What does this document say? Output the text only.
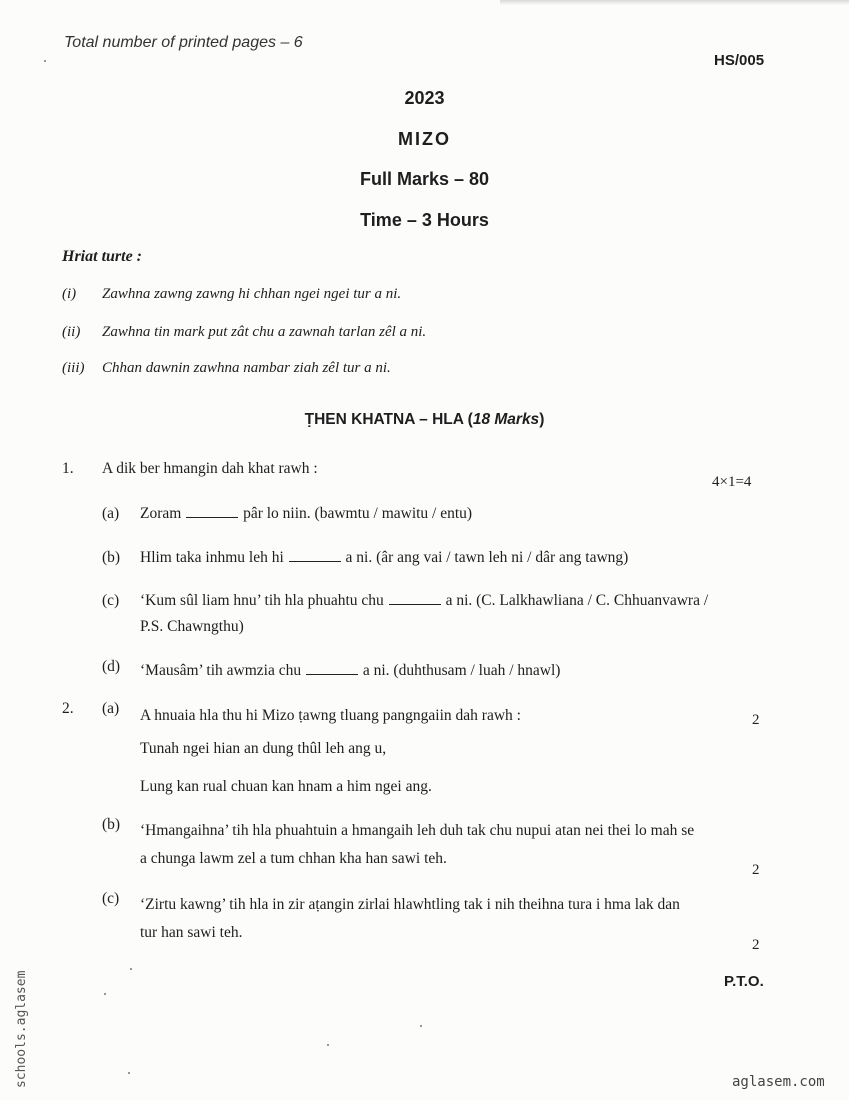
Total number of printed pages – 6
HS/005
2023
MIZO
Full Marks – 80
Time – 3 Hours
Hriat turte :
(i) Zawhna zawng zawng hi chhan ngei ngei tur a ni.
(ii) Zawhna tin mark put zât chu a zawnah tarlan zêl a ni.
(iii) Chhan dawnin zawhna nambar ziah zêl tur a ni.
ṬHEN KHATNA – HLA (18 Marks)
1. A dik ber hmangin dah khat rawh :
4×1=4
(a) Zoram	pâr lo niin. (bawmtu / mawitu / entu)
(b) Hlim taka inhmu leh hi	a ni. (âr ang vai / tawn leh ni / dâr ang tawng)
(c) ‘Kum sûl liam hnu’ tih hla phuahtu chu	a ni. (C. Lalkhawliana / C. Chhuanvawra /
P.S. Chawngthu)
(d) ‘Mausâm’ tih awmzia chu	a ni. (duhthusam / luah / hnawl)
2. (a) A hnuaia hla thu hi Mizo ṭawng tluang pangngaiin dah rawh :	2
Tunah ngei hian an dung thûl leh ang u,
Lung kan rual chuan kan hnam a him ngei ang.
(b) ‘Hmangaihna’ tih hla phuahtuin a hmangaih leh duh tak chu nupui atan nei thei lo mah se
a chunga lawm zel a tum chhan kha han sawi teh.
2
(c) ‘Zirtu kawng’ tih hla in zir aṭangin zirlai hlawhtling tak i nih theihna tura i hma lak dan
tur han sawi teh.
2
P.T.O.
aglasem.com
schools.aglasem
